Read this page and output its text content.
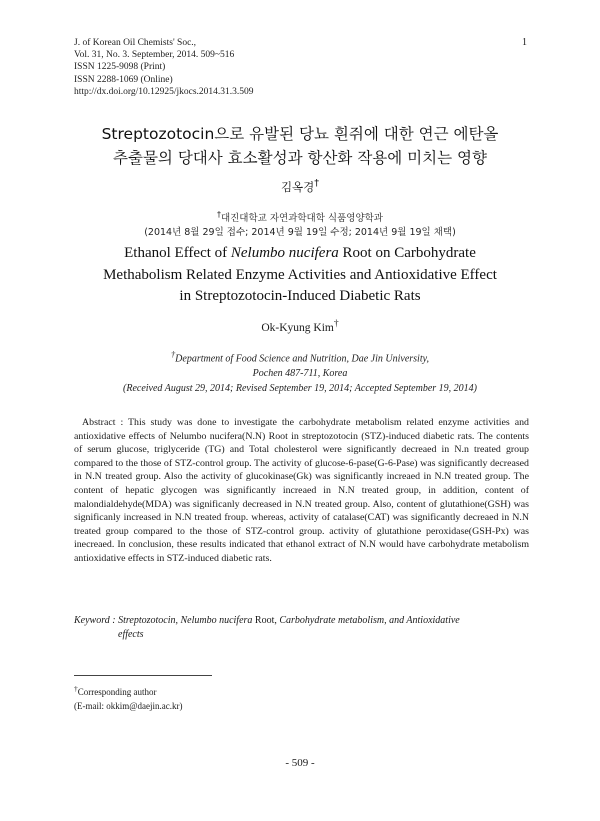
J. of Korean Oil Chemists' Soc.,
Vol. 31, No. 3. September, 2014. 509~516
ISSN 1225-9098 (Print)
ISSN 2288-1069 (Online)
http://dx.doi.org/10.12925/jkocs.2014.31.3.509
1
Streptozotocin으로 유발된 당뇨 흰쥐에 대한 연근 에탄올
추출물의 당대사 효소활성과 항산화 작용에 미치는 영향
김옥경†
†대진대학교 자연과학대학 식품영양학과
(2014년 8월 29일 접수; 2014년 9월 19일 수정; 2014년 9월 19일 채택)
Ethanol Effect of Nelumbo nucifera Root on Carbohydrate
Methabolism Related Enzyme Activities and Antioxidative Effect
in Streptozotocin-Induced Diabetic Rats
Ok-Kyung Kim†
†Department of Food Science and Nutrition, Dae Jin University,
Pochen 487-711, Korea
(Received August 29, 2014; Revised September 19, 2014; Accepted September 19, 2014)
Abstract : This study was done to investigate the carbohydrate metabolism related enzyme activities and antioxidative effects of Nelumbo nucifera(N.N) Root in streptozotocin (STZ)-induced diabetic rats. The contents of serum glucose, triglyceride (TG) and Total cholesterol were significantly decreaed in N.n treated group compared to the those of STZ-control group. The activity of glucose-6-pase(G-6-Pase) was significantly decreased in N.N treated group. Also the activity of glucokinase(Gk) was significantly increaed in N.N treated group. The content of hepatic glycogen was significantly increaed in N.N treated group, in addition, content of malondialdehyde(MDA) was significanly decreased in N.N treated group. Also, content of glutathione(GSH) was significanly increased in N.N treated froup. whereas, activity of catalase(CAT) was significantly decreaed in N.N treated group compared to the those of STZ-control group. activity of glutathione peroxidase(GSH-Px) was inecreaed. In conclusion, these results indicated that ethanol extract of N.N would have carbohydrate metabolism antioxidative effects in STZ-induced diabetic rats.
Keyword : Streptozotocin, Nelumbo nucifera Root, Carbohydrate metabolism, and Antioxidative
effects
†Corresponding author
(E-mail: okkim@daejin.ac.kr)
- 509 -
